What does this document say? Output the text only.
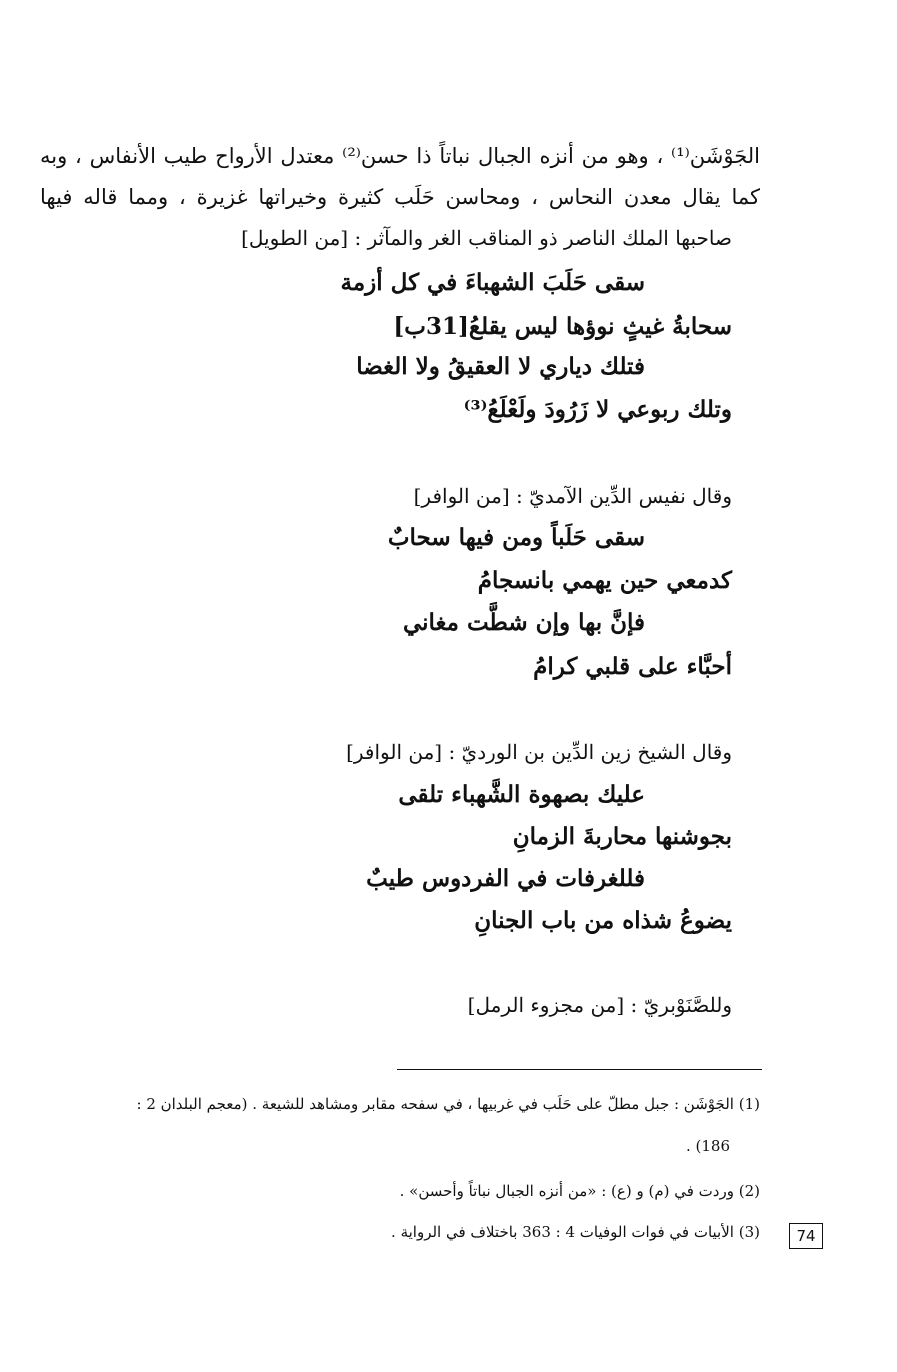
الجَوْشَن⁽¹⁾ ، وهو من أنزه الجبال نباتاً ذا حسن⁽²⁾ معتدل الأرواح طيب الأنفاس ، وبه
كما يقال معدن النحاس ، ومحاسن حَلَب كثيرة وخيراتها غزيرة ، ومما قاله فيها
صاحبها الملك الناصر ذو المناقب الغر والمآثر : [من الطويل]
سقى حَلَبَ الشهباءَ في كل أزمة
سحابةُ غيثٍ نوؤها ليس يقلعُ[31ب]
فتلك دياري لا العقيقُ ولا الغضا
وتلك ربوعي لا زَرُودَ ولَعْلَعُ⁽³⁾
وقال نفيس الدِّين الآمديّ : [من الوافر]
سقى حَلَباً ومن فيها سحابٌ
كدمعي حين يهمي بانسجامُ
فإنَّ بها وإن شطَّت مغاني
أحبَّاء على قلبي كرامُ
وقال الشيخ زين الدِّين بن الورديّ : [من الوافر]
عليك بصهوة الشَّهباء تلقى
بجوشنها محاربةَ الزمانِ
فللغرفات في الفردوس طيبٌ
يضوعُ شذاه من باب الجنانِ
وللصَّنَوْبريّ : [من مجزوء الرمل]
(1) الجَوْشَن : جبل مطلّ على حَلَب في غربيها ، في سفحه مقابر ومشاهد للشيعة . (معجم البلدان 2 :
186) .
(2) وردت في (م) و (ع) : «من أنزه الجبال نباتاً وأحسن» .
(3) الأبيات في فوات الوفيات 4 : 363 باختلاف في الرواية .	74
